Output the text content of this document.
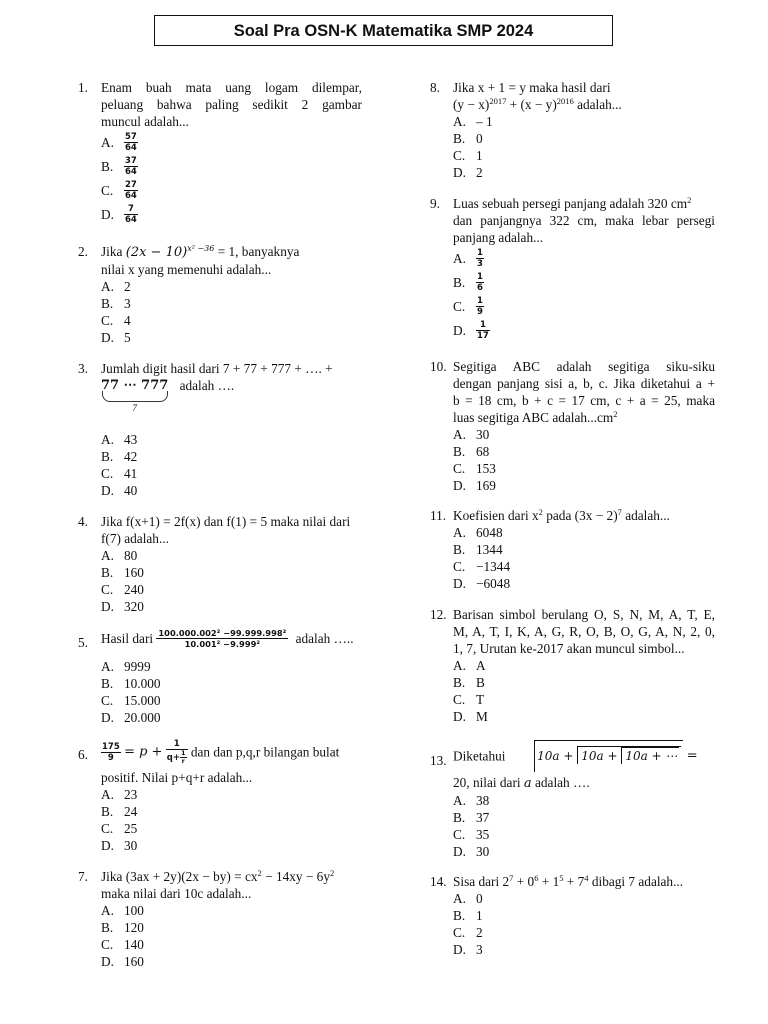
Soal Pra OSN-K Matematika SMP 2024
1. Enam buah mata uang logam dilempar,
peluang bahwa paling sedikit 2 gambar
muncul adalah...
A. $\frac{57}{64}$
B. $\frac{37}{64}$
C. $\frac{27}{64}$
D. $\frac{7}{64}$
2. Jika $(2x - 10)^{x^2 -36} = 1$, banyaknya
nilai x yang memenuhi adalah...
A. 2
B. 3
C. 4
D. 5
3. Jumlah digit hasil dari 7 + 77 + 777 + …. +
77 ⋯ 777
7
adalah ….
A. 43
B. 42
C. 41
D. 40
4. Jika f(x+1) = 2f(x) dan f(1) = 5 maka nilai dari
f(7) adalah...
A. 80
B. 160
C. 240
D. 320
5. Hasil dari $\frac{\text{100.000.002² −99.999.998²}}{\text{10.001² −9.999²}}$ adalah …..
A. 9999
B. 10.000
C. 15.000
D. 20.000
6. $\frac{175}{9} = p + \frac{1}{q+ \frac{1}{r}}$ dan dan p,q,r bilangan bulat
positif. Nilai p+q+r adalah...
A. 23
B. 24
C. 25
D. 30
7. Jika $(3ax + 2y)(2x - by) = cx^2 - 14xy - 6y^2$
maka nilai dari 10c adalah...
A. 100
B. 120
C. 140
D. 160
8. Jika x + 1 = y maka hasil dari
$(y - x)^{2017} + (x - y)^{2016}$ adalah...
A. – 1
B. 0
C. 1
D. 2
9. Luas sebuah persegi panjang adalah 320 $cm^2$
dan panjangnya 322 cm, maka lebar persegi
panjang adalah...
A. $\frac{1}{3}$
B. $\frac{1}{6}$
C. $\frac{1}{9}$
D. $\frac{1}{17}$
10. Segitiga ABC adalah segitiga siku-siku
dengan panjang sisi a, b, c. Jika diketahui a +
b = 18 cm, b + c = 17 cm, c + a = 25, maka
luas segitiga ABC $adalah...cm^2$
A. 30
B. 68
C. 153
D. 169
11. Koefisien dari $x^2$ pada $(3x - 2)^7$ adalah...
A. 6048
B. 1344
C. −1344
D. −6048
12. Barisan simbol berulang O, S, N, M, A, T, E,
M, A, T, I, K, A, G, R, O, B, O, G, A, N, 2, 0,
1, 7, Urutan ke-2017 akan muncul simbol...
A. A
B. B
C. T
D. M
13. Diketahui	10a + 10a + 10a + ⋯ =
20, nilai dari a adalah ….
A. 38
B. 37
C. 35
D. 30
14. Sisa dari $2^7 + 0^6 + 1^5 + 7^4$ dibagi 7 adalah...
A. 0
B. 1
C. 2
D. 3
